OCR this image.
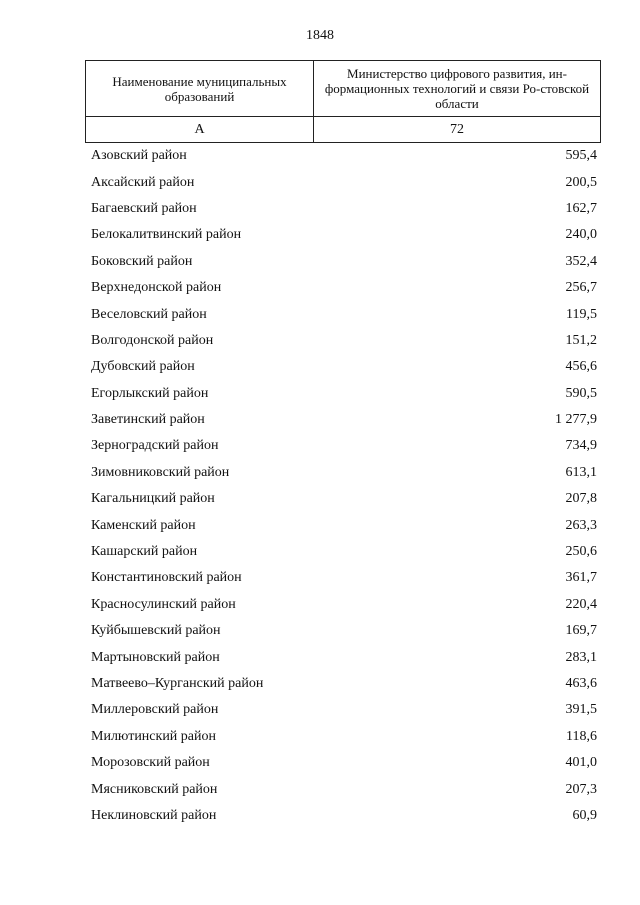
1848
Наименование муниципальных образований	Министерство цифрового развития, ин-формационных технологий и связи Ро-стовской области
А	72
Азовский район	595,4
Аксайский район	200,5
Багаевский район	162,7
Белокалитвинский район	240,0
Боковский район	352,4
Верхнедонской район	256,7
Веселовский район	119,5
Волгодонской район	151,2
Дубовский район	456,6
Егорлыкский район	590,5
Заветинский район	1 277,9
Зерноградский район	734,9
Зимовниковский район	613,1
Кагальницкий район	207,8
Каменский район	263,3
Кашарский район	250,6
Константиновский район	361,7
Красносулинский район	220,4
Куйбышевский район	169,7
Мартыновский район	283,1
Матвеево–Курганский район	463,6
Миллеровский район	391,5
Милютинский район	118,6
Морозовский район	401,0
Мясниковский район	207,3
Неклиновский район	60,9
